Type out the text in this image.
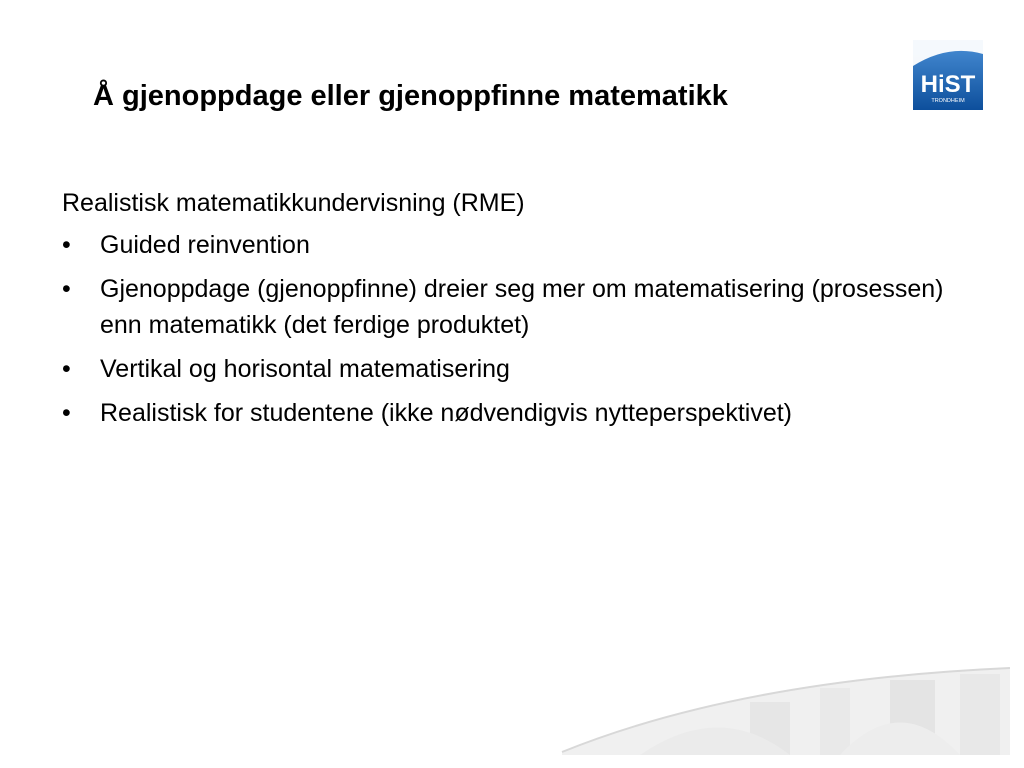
Å gjenoppdage eller gjenoppfinne matematikk	HiST
TRONDHEIM

Realistisk matematikkundervisning (RME)

• Guided reinvention
• Gjenoppdage (gjenoppfinne) dreier seg mer om matematisering (prosessen) enn matematikk (det ferdige produktet)
• Vertikal og horisontal matematisering
• Realistisk for studentene (ikke nødvendigvis nytteperspektivet)
